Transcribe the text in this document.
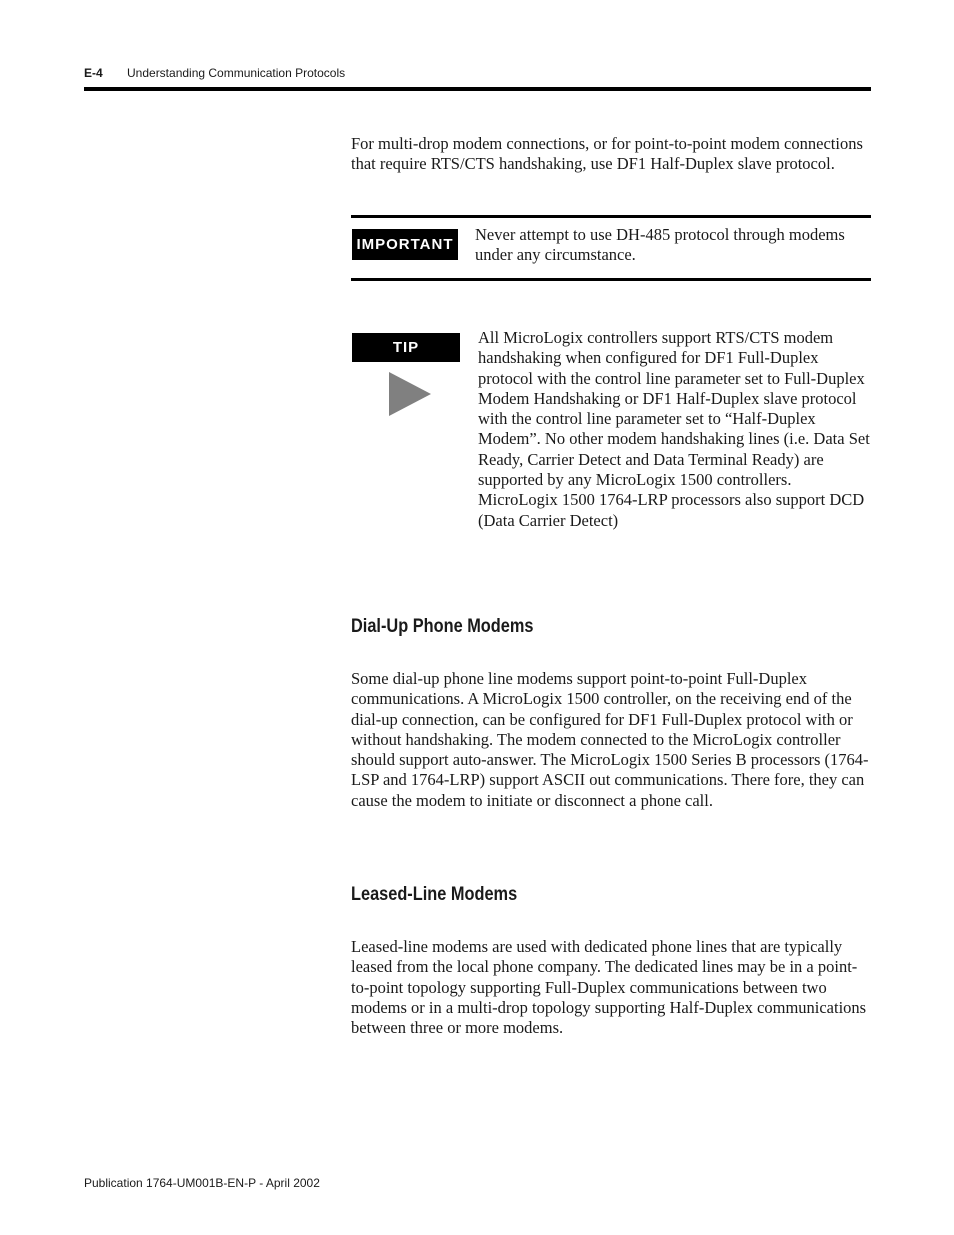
E-4 Understanding Communication Protocols

For multi-drop modem connections, or for point-to-point modem connections that require RTS/CTS handshaking, use DF1 Half-Duplex slave protocol.

IMPORTANT

Never attempt to use DH-485 protocol through modems under any circumstance.

TIP

All MicroLogix controllers support RTS/CTS modem handshaking when configured for DF1 Full-Duplex protocol with the control line parameter set to Full-Duplex Modem Handshaking or DF1 Half-Duplex slave protocol with the control line parameter set to “Half-Duplex Modem”. No other modem handshaking lines (i.e. Data Set Ready, Carrier Detect and Data Terminal Ready) are supported by any MicroLogix 1500 controllers. MicroLogix 1500 1764-LRP processors also support DCD (Data Carrier Detect)

Dial-Up Phone Modems

Some dial-up phone line modems support point-to-point Full-Duplex communications. A MicroLogix 1500 controller, on the receiving end of the dial-up connection, can be configured for DF1 Full-Duplex protocol with or without handshaking. The modem connected to the MicroLogix controller should support auto-answer. The MicroLogix 1500 Series B processors (1764-LSP and 1764-LRP) support ASCII out communications. There fore, they can cause the modem to initiate or disconnect a phone call.

Leased-Line Modems

Leased-line modems are used with dedicated phone lines that are typically leased from the local phone company. The dedicated lines may be in a point-to-point topology supporting Full-Duplex communications between two modems or in a multi-drop topology supporting Half-Duplex communications between three or more modems.

Publication 1764-UM001B-EN-P - April 2002
